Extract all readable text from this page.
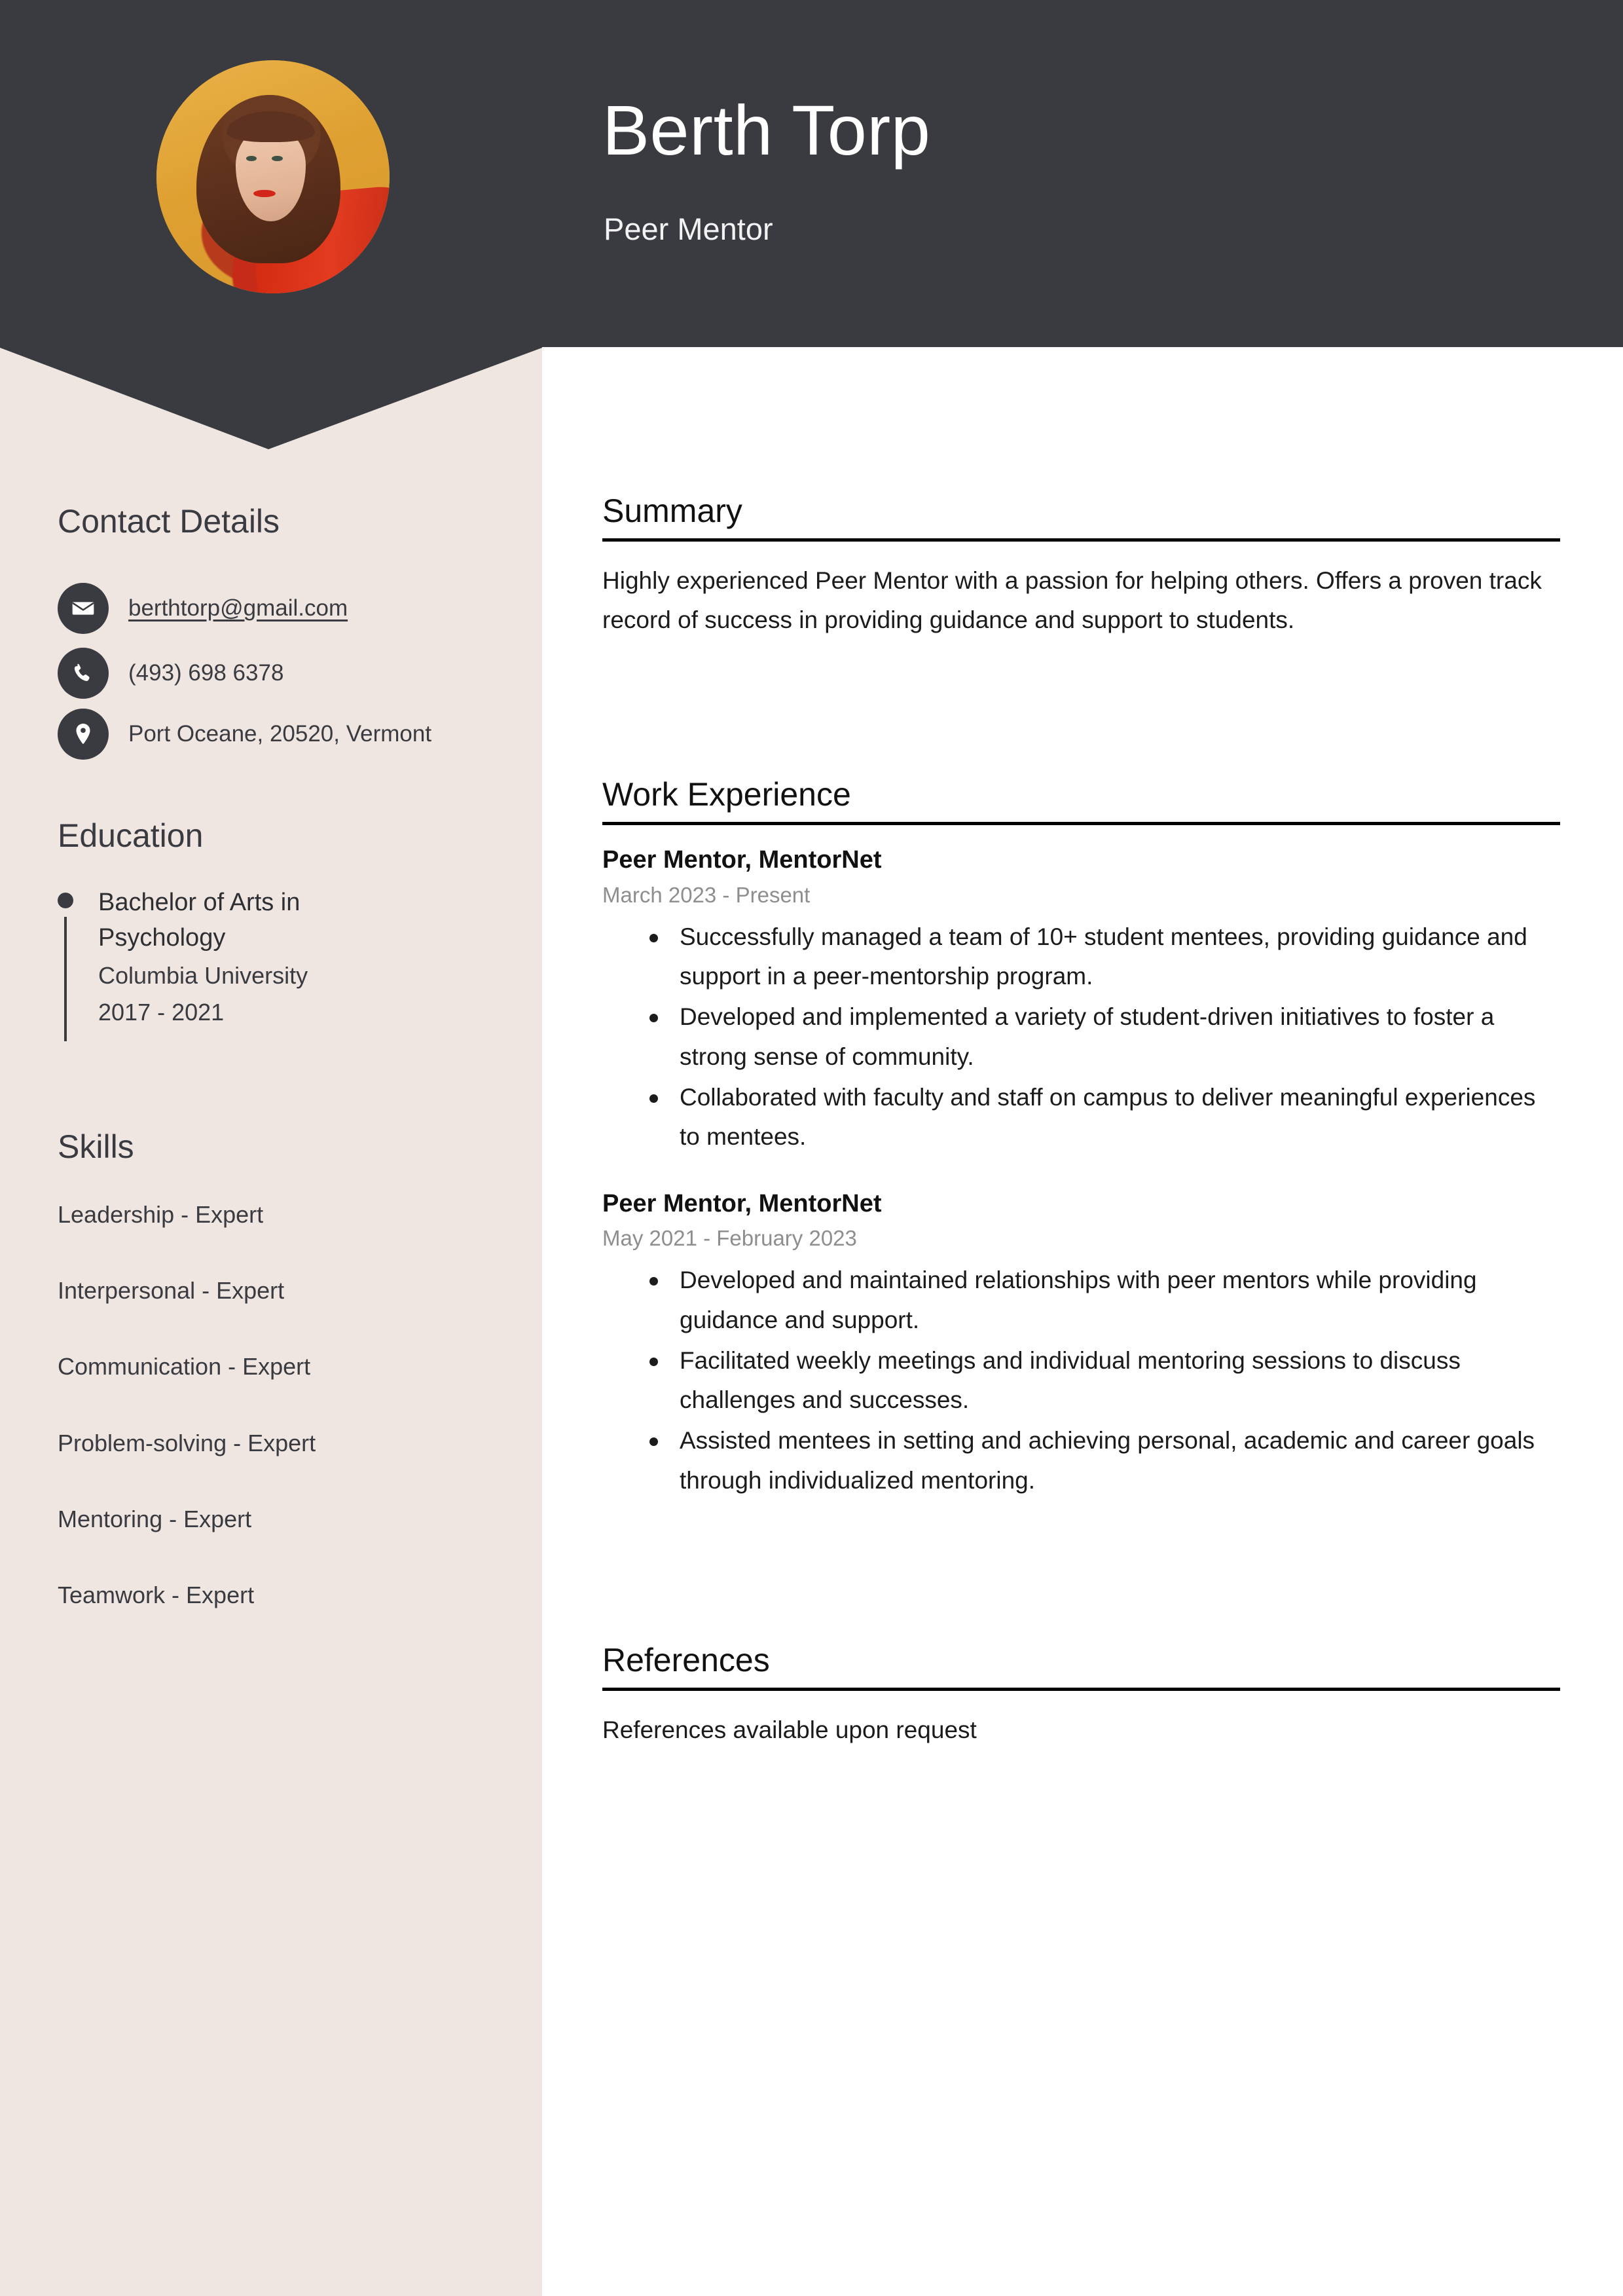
Berth Torp
Peer Mentor
Contact Details
berthtorp@gmail.com
(493) 698 6378
Port Oceane, 20520, Vermont
Education
Bachelor of Arts in Psychology
Columbia University
2017 - 2021
Skills
Leadership - Expert
Interpersonal - Expert
Communication - Expert
Problem-solving - Expert
Mentoring - Expert
Teamwork - Expert
Summary

Highly experienced Peer Mentor with a passion for helping others. Offers a proven track record of success in providing guidance and support to students.

Work Experience
Peer Mentor, MentorNet
March 2023 - Present
Successfully managed a team of 10+ student mentees, providing guidance and support in a peer-mentorship program.
Developed and implemented a variety of student-driven initiatives to foster a strong sense of community.
Collaborated with faculty and staff on campus to deliver meaningful experiences to mentees.
Peer Mentor, MentorNet
May 2021 - February 2023
Developed and maintained relationships with peer mentors while providing guidance and support.
Facilitated weekly meetings and individual mentoring sessions to discuss challenges and successes.
Assisted mentees in setting and achieving personal, academic and career goals through individualized mentoring.
References

References available upon request
